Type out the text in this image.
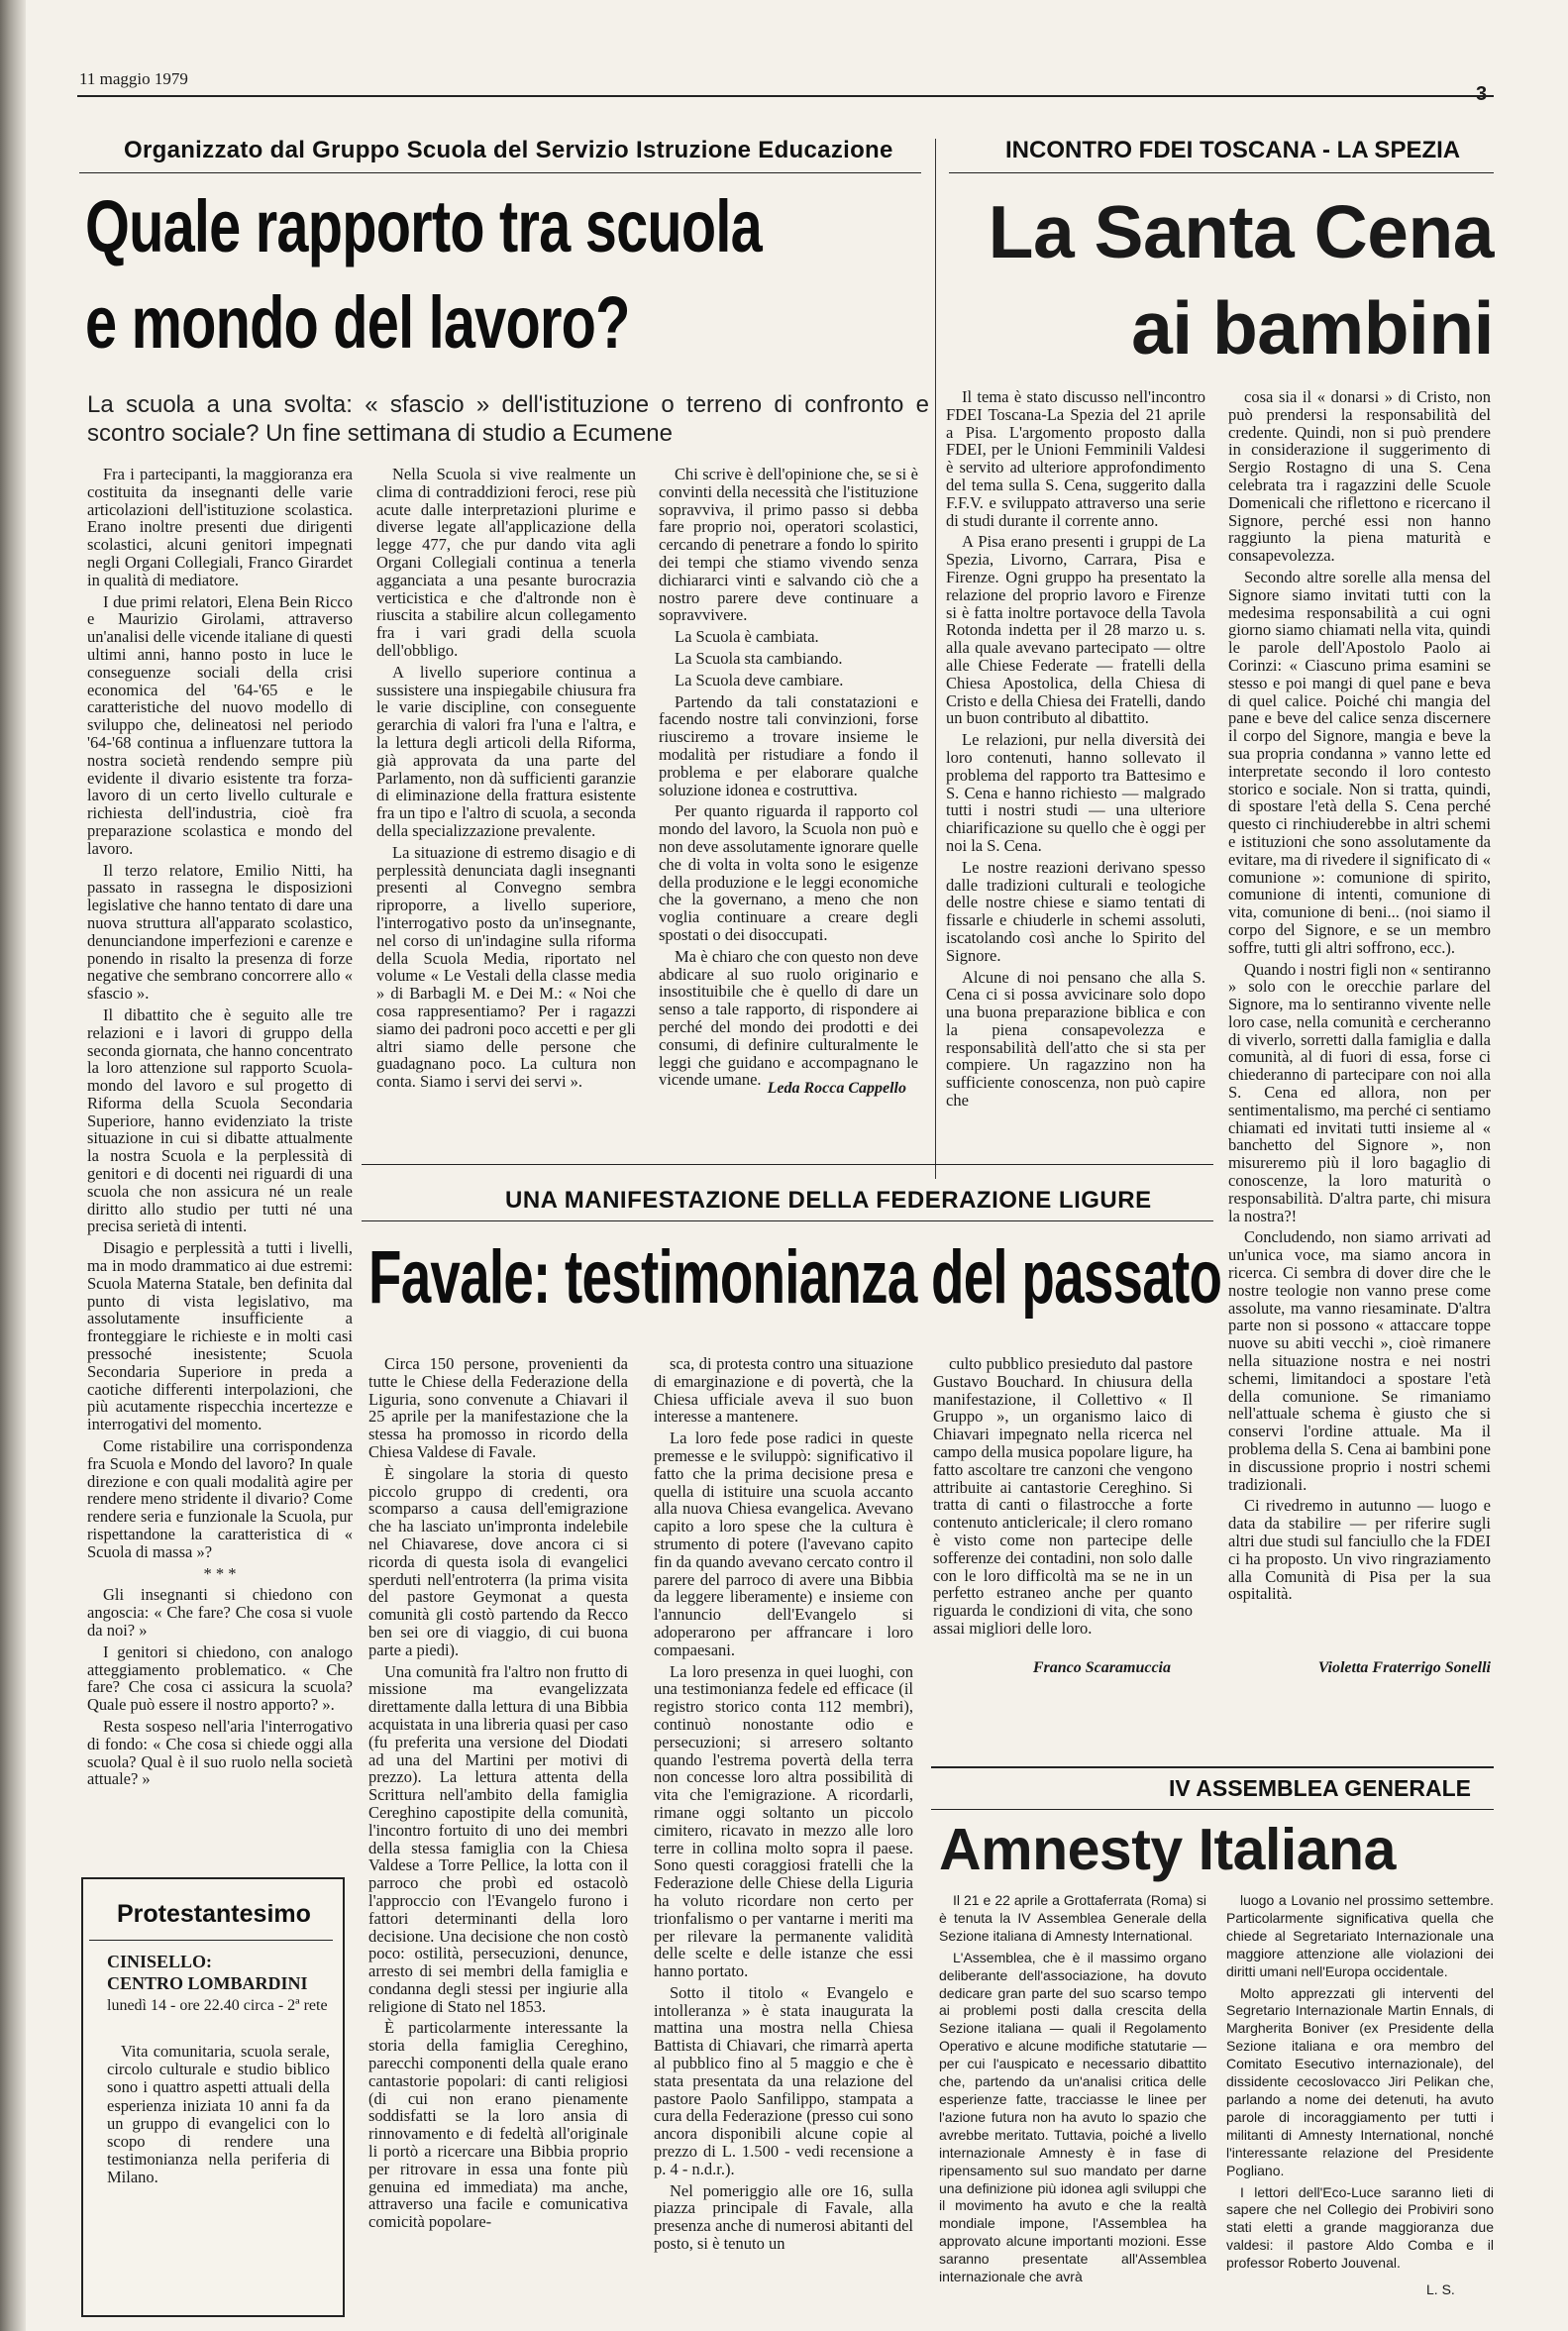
11 maggio 1979
3
Organizzato dal Gruppo Scuola del Servizio Istruzione Educazione
Quale rapporto tra scuola
e mondo del lavoro?
La scuola a una svolta: « sfascio » dell'istituzione o terreno di confronto e scontro sociale? Un fine settimana di studio a Ecumene

Fra i partecipanti, la maggioranza era costituita da insegnanti delle varie articolazioni dell'istituzione scolastica. Erano inoltre presenti due dirigenti scolastici, alcuni genitori impegnati negli Organi Collegiali, Franco Girardet in qualità di mediatore.

I due primi relatori, Elena Bein Ricco e Maurizio Girolami, attraverso un'analisi delle vicende italiane di questi ultimi anni, hanno posto in luce le conseguenze sociali della crisi economica del '64-'65 e le caratteristiche del nuovo modello di sviluppo che, delineatosi nel periodo '64-'68 continua a influenzare tuttora la nostra società rendendo sempre più evidente il divario esistente tra forza-lavoro di un certo livello culturale e richiesta dell'industria, cioè fra preparazione scolastica e mondo del lavoro.

Il terzo relatore, Emilio Nitti, ha passato in rassegna le disposizioni legislative che hanno tentato di dare una nuova struttura all'apparato scolastico, denunciandone imperfezioni e carenze e ponendo in risalto la presenza di forze negative che sembrano concorrere allo « sfascio ».

Il dibattito che è seguito alle tre relazioni e i lavori di gruppo della seconda giornata, che hanno concentrato la loro attenzione sul rapporto Scuola-mondo del lavoro e sul progetto di Riforma della Scuola Secondaria Superiore, hanno evidenziato la triste situazione in cui si dibatte attualmente la nostra Scuola e la perplessità di genitori e di docenti nei riguardi di una scuola che non assicura né un reale diritto allo studio per tutti né una precisa serietà di intenti.

Disagio e perplessità a tutti i livelli, ma in modo drammatico ai due estremi: Scuola Materna Statale, ben definita dal punto di vista legislativo, ma assolutamente insufficiente a fronteggiare le richieste e in molti casi pressoché inesistente; Scuola Secondaria Superiore in preda a caotiche differenti interpolazioni, che più acutamente rispecchia incertezze e interrogativi del momento.

Come ristabilire una corrispondenza fra Scuola e Mondo del lavoro? In quale direzione e con quali modalità agire per rendere meno stridente il divario? Come rendere seria e funzionale la Scuola, pur rispettandone la caratteristica di « Scuola di massa »?

* * *

Gli insegnanti si chiedono con angoscia: « Che fare? Che cosa si vuole da noi? »

I genitori si chiedono, con analogo atteggiamento problematico. « Che fare? Che cosa ci assicura la scuola? Quale può essere il nostro apporto? ».

Resta sospeso nell'aria l'interrogativo di fondo: « Che cosa si chiede oggi alla scuola? Qual è il suo ruolo nella società attuale? »

Nella Scuola si vive realmente un clima di contraddizioni feroci, rese più acute dalle interpretazioni plurime e diverse legate all'applicazione della legge 477, che pur dando vita agli Organi Collegiali continua a tenerla agganciata a una pesante burocrazia verticistica e che d'altronde non è riuscita a stabilire alcun collegamento fra i vari gradi della scuola dell'obbligo.

A livello superiore continua a sussistere una inspiegabile chiusura fra le varie discipline, con conseguente gerarchia di valori fra l'una e l'altra, e la lettura degli articoli della Riforma, già approvata da una parte del Parlamento, non dà sufficienti garanzie di eliminazione della frattura esistente fra un tipo e l'altro di scuola, a seconda della specializzazione prevalente.

La situazione di estremo disagio e di perplessità denunciata dagli insegnanti presenti al Convegno sembra riproporre, a livello superiore, l'interrogativo posto da un'insegnante, nel corso di un'indagine sulla riforma della Scuola Media, riportato nel volume « Le Vestali della classe media » di Barbagli M. e Dei M.: « Noi che cosa rappresentiamo? Per i ragazzi siamo dei padroni poco accetti e per gli altri siamo delle persone che guadagnano poco. La cultura non conta. Siamo i servi dei servi ».

Chi scrive è dell'opinione che, se si è convinti della necessità che l'istituzione sopravviva, il primo passo si debba fare proprio noi, operatori scolastici, cercando di penetrare a fondo lo spirito dei tempi che stiamo vivendo senza dichiararci vinti e salvando ciò che a nostro parere deve continuare a sopravvivere.

La Scuola è cambiata.

La Scuola sta cambiando.

La Scuola deve cambiare.

Partendo da tali constatazioni e facendo nostre tali convinzioni, forse riusciremo a trovare insieme le modalità per ristudiare a fondo il problema e per elaborare qualche soluzione idonea e costruttiva.

Per quanto riguarda il rapporto col mondo del lavoro, la Scuola non può e non deve assolutamente ignorare quelle che di volta in volta sono le esigenze della produzione e le leggi economiche che la governano, a meno che non voglia continuare a creare degli spostati o dei disoccupati.

Ma è chiaro che con questo non deve abdicare al suo ruolo originario e insostituibile che è quello di dare un senso a tale rapporto, di rispondere ai perché del mondo dei prodotti e dei consumi, di definire culturalmente le leggi che guidano e accompagnano le vicende umane. Leda Rocca Cappello
INCONTRO FDEI TOSCANA - LA SPEZIA
La Santa Cena
ai bambini

Il tema è stato discusso nell'incontro FDEI Toscana-La Spezia del 21 aprile a Pisa. L'argomento proposto dalla FDEI, per le Unioni Femminili Valdesi è servito ad ulteriore approfondimento del tema sulla S. Cena, suggerito dalla F.F.V. e sviluppato attraverso una serie di studi durante il corrente anno.

A Pisa erano presenti i gruppi de La Spezia, Livorno, Carrara, Pisa e Firenze. Ogni gruppo ha presentato la relazione del proprio lavoro e Firenze si è fatta inoltre portavoce della Tavola Rotonda indetta per il 28 marzo u. s. alla quale avevano partecipato — oltre alle Chiese Federate — fratelli della Chiesa Apostolica, della Chiesa di Cristo e della Chiesa dei Fratelli, dando un buon contributo al dibattito.

Le relazioni, pur nella diversità dei loro contenuti, hanno sollevato il problema del rapporto tra Battesimo e S. Cena e hanno richiesto — malgrado tutti i nostri studi — una ulteriore chiarificazione su quello che è oggi per noi la S. Cena.

Le nostre reazioni derivano spesso dalle tradizioni culturali e teologiche delle nostre chiese e siamo tentati di fissarle e chiuderle in schemi assoluti, iscatolando così anche lo Spirito del Signore.

Alcune di noi pensano che alla S. Cena ci si possa avvicinare solo dopo una buona preparazione biblica e con la piena consapevolezza e responsabilità dell'atto che si sta per compiere. Un ragazzino non ha sufficiente conoscenza, non può capire che

cosa sia il « donarsi » di Cristo, non può prendersi la responsabilità del credente. Quindi, non si può prendere in considerazione il suggerimento di Sergio Rostagno di una S. Cena celebrata tra i ragazzini delle Scuole Domenicali che riflettono e ricercano il Signore, perché essi non hanno raggiunto la piena maturità e consapevolezza.

Secondo altre sorelle alla mensa del Signore siamo invitati tutti con la medesima responsabilità a cui ogni giorno siamo chiamati nella vita, quindi le parole dell'Apostolo Paolo ai Corinzi: « Ciascuno prima esamini se stesso e poi mangi di quel pane e beva di quel calice. Poiché chi mangia del pane e beve del calice senza discernere il corpo del Signore, mangia e beve la sua propria condanna » vanno lette ed interpretate secondo il loro contesto storico e sociale. Non si tratta, quindi, di spostare l'età della S. Cena perché questo ci rinchiuderebbe in altri schemi e istituzioni che sono assolutamente da evitare, ma di rivedere il significato di « comunione »: comunione di spirito, comunione di intenti, comunione di vita, comunione di beni... (noi siamo il corpo del Signore, e se un membro soffre, tutti gli altri soffrono, ecc.).

Quando i nostri figli non « sentiranno » solo con le orecchie parlare del Signore, ma lo sentiranno vivente nelle loro case, nella comunità e cercheranno di viverlo, sorretti dalla famiglia e dalla comunità, al di fuori di essa, forse ci chiederanno di partecipare con noi alla S. Cena ed allora, non per sentimentalismo, ma perché ci sentiamo chiamati ed invitati tutti insieme al « banchetto del Signore », non misureremo più il loro bagaglio di conoscenze, la loro maturità o responsabilità. D'altra parte, chi misura la nostra?!

Concludendo, non siamo arrivati ad un'unica voce, ma siamo ancora in ricerca. Ci sembra di dover dire che le nostre teologie non vanno prese come assolute, ma vanno riesaminate. D'altra parte non si possono « attaccare toppe nuove su abiti vecchi », cioè rimanere nella situazione nostra e nei nostri schemi, limitandoci a spostare l'età della comunione. Se rimaniamo nell'attuale schema è giusto che si conservi l'ordine attuale. Ma il problema della S. Cena ai bambini pone in discussione proprio i nostri schemi tradizionali.

Ci rivedremo in autunno — luogo e data da stabilire — per riferire sugli altri due studi sul fanciullo che la FDEI ci ha proposto. Un vivo ringraziamento alla Comunità di Pisa per la sua ospitalità.

Violetta Fraterrigo Sonelli
UNA MANIFESTAZIONE DELLA FEDERAZIONE LIGURE
Favale: testimonianza del passato

Circa 150 persone, provenienti da tutte le Chiese della Federazione della Liguria, sono convenute a Chiavari il 25 aprile per la manifestazione che la stessa ha promosso in ricordo della Chiesa Valdese di Favale.

È singolare la storia di questo piccolo gruppo di credenti, ora scomparso a causa dell'emigrazione che ha lasciato un'impronta indelebile nel Chiavarese, dove ancora ci si ricorda di questa isola di evangelici sperduti nell'entroterra (la prima visita del pastore Geymonat a questa comunità gli costò partendo da Recco ben sei ore di viaggio, di cui buona parte a piedi).

Una comunità fra l'altro non frutto di missione ma evangelizzata direttamente dalla lettura di una Bibbia acquistata in una libreria quasi per caso (fu preferita una versione del Diodati ad una del Martini per motivi di prezzo). La lettura attenta della Scrittura nell'ambito della famiglia Cereghino capostipite della comunità, l'incontro fortuito di uno dei membri della stessa famiglia con la Chiesa Valdese a Torre Pellice, la lotta con il parroco che probì ed ostacolò l'approccio con l'Evangelo furono i fattori determinanti della loro decisione. Una decisione che non costò poco: ostilità, persecuzioni, denunce, arresto di sei membri della famiglia e condanna degli stessi per ingiurie alla religione di Stato nel 1853.

È particolarmente interessante la storia della famiglia Cereghino, parecchi componenti della quale erano cantastorie popolari: di canti religiosi (di cui non erano pienamente soddisfatti se la loro ansia di rinnovamento e di fedeltà all'originale li portò a ricercare una Bibbia proprio per ritrovare in essa una fonte più genuina ed immediata) ma anche, attraverso una facile e comunicativa comicità popolare-

sca, di protesta contro una situazione di emarginazione e di povertà, che la Chiesa ufficiale aveva il suo buon interesse a mantenere.

La loro fede pose radici in queste premesse e le sviluppò: significativo il fatto che la prima decisione presa e quella di istituire una scuola accanto alla nuova Chiesa evangelica. Avevano capito a loro spese che la cultura è strumento di potere (l'avevano capito fin da quando avevano cercato contro il parere del parroco di avere una Bibbia da leggere liberamente) e insieme con l'annuncio dell'Evangelo si adoperarono per affrancare i loro compaesani.

La loro presenza in quei luoghi, con una testimonianza fedele ed efficace (il registro storico conta 112 membri), continuò nonostante odio e persecuzioni; si arresero soltanto quando l'estrema povertà della terra non concesse loro altra possibilità di vita che l'emigrazione. A ricordarli, rimane oggi soltanto un piccolo cimitero, ricavato in mezzo alle loro terre in collina molto sopra il paese. Sono questi coraggiosi fratelli che la Federazione delle Chiese della Liguria ha voluto ricordare non certo per trionfalismo o per vantarne i meriti ma per rilevare la permanente validità delle scelte e delle istanze che essi hanno portato.

Sotto il titolo « Evangelo e intolleranza » è stata inaugurata la mattina una mostra nella Chiesa Battista di Chiavari, che rimarrà aperta al pubblico fino al 5 maggio e che è stata presentata da una relazione del pastore Paolo Sanfilippo, stampata a cura della Federazione (presso cui sono ancora disponibili alcune copie al prezzo di L. 1.500 - vedi recensione a p. 4 - n.d.r.).

Nel pomeriggio alle ore 16, sulla piazza principale di Favale, alla presenza anche di numerosi abitanti del posto, si è tenuto un

culto pubblico presieduto dal pastore Gustavo Bouchard. In chiusura della manifestazione, il Collettivo « Il Gruppo », un organismo laico di Chiavari impegnato nella ricerca nel campo della musica popolare ligure, ha fatto ascoltare tre canzoni che vengono attribuite ai cantastorie Cereghino. Si tratta di canti o filastrocche a forte contenuto anticlericale; il clero romano è visto come non partecipe delle sofferenze dei contadini, non solo dalle con le loro difficoltà ma se ne in un perfetto estraneo anche per quanto riguarda le condizioni di vita, che sono assai migliori delle loro.

Franco Scaramuccia
Protestantesimo
CINISELLO:
CENTRO LOMBARDINI
lunedì 14 - ore 22.40 circa - 2ª rete
Vita comunitaria, scuola serale, circolo culturale e studio biblico sono i quattro aspetti attuali della esperienza iniziata 10 anni fa da un gruppo di evangelici con lo scopo di rendere una testimonianza nella periferia di Milano.
IV ASSEMBLEA GENERALE
Amnesty Italiana

Il 21 e 22 aprile a Grottaferrata (Roma) si è tenuta la IV Assemblea Generale della Sezione italiana di Amnesty International.

L'Assemblea, che è il massimo organo deliberante dell'associazione, ha dovuto dedicare gran parte del suo scarso tempo ai problemi posti dalla crescita della Sezione italiana — quali il Regolamento Operativo e alcune modifiche statutarie — per cui l'auspicato e necessario dibattito che, partendo da un'analisi critica delle esperienze fatte, tracciasse le linee per l'azione futura non ha avuto lo spazio che avrebbe meritato. Tuttavia, poiché a livello internazionale Amnesty è in fase di ripensamento sul suo mandato per darne una definizione più idonea agli sviluppi che il movimento ha avuto e che la realtà mondiale impone, l'Assemblea ha approvato alcune importanti mozioni. Esse saranno presentate all'Assemblea internazionale che avrà

luogo a Lovanio nel prossimo settembre. Particolarmente significativa quella che chiede al Segretariato Internazionale una maggiore attenzione alle violazioni dei diritti umani nell'Europa occidentale.

Molto apprezzati gli interventi del Segretario Internazionale Martin Ennals, di Margherita Boniver (ex Presidente della Sezione italiana e ora membro del Comitato Esecutivo internazionale), del dissidente cecoslovacco Jiri Pelikan che, parlando a nome dei detenuti, ha avuto parole di incoraggiamento per tutti i militanti di Amnesty International, nonché l'interessante relazione del Presidente Pogliano.

I lettori dell'Eco-Luce saranno lieti di sapere che nel Collegio dei Probiviri sono stati eletti a grande maggioranza due valdesi: il pastore Aldo Comba e il professor Roberto Jouvenal.

L. S.
